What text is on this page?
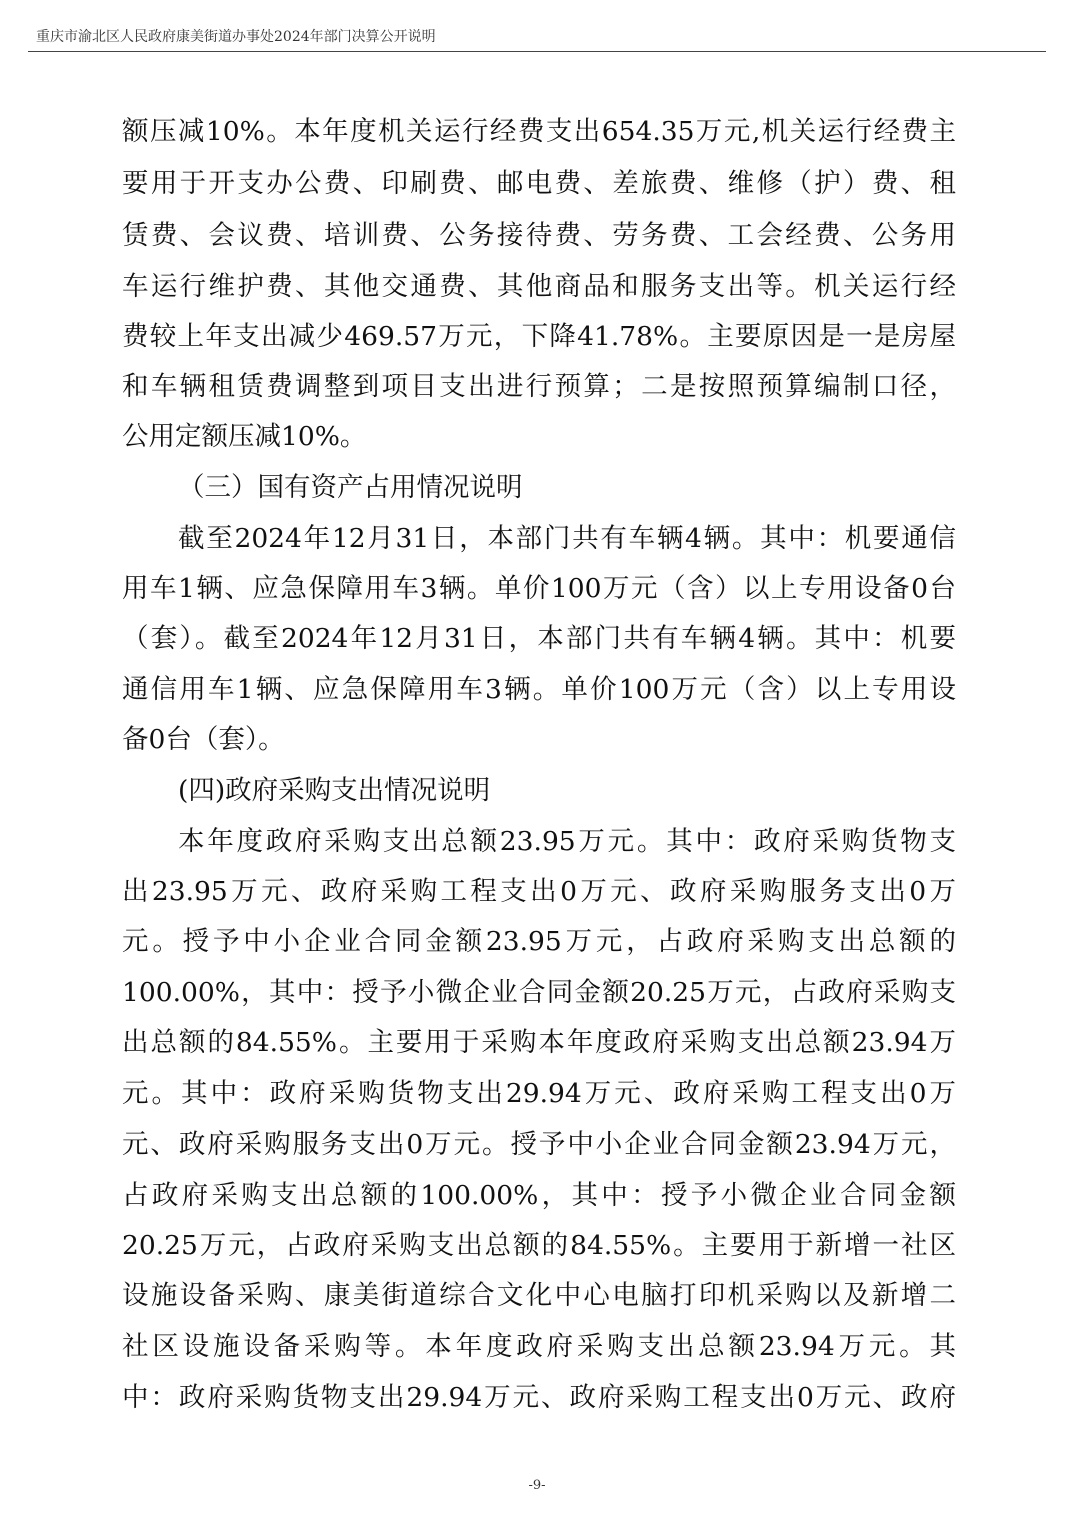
重庆市渝北区人民政府康美街道办事处2024年部门决算公开说明
额压减10%。本年度机关运行经费支出654.35万元,机关运行经费主
要用于开支办公费、印刷费、邮电费、差旅费、维修（护）费、租
赁费、会议费、培训费、公务接待费、劳务费、工会经费、公务用
车运行维护费、其他交通费、其他商品和服务支出等。机关运行经
费较上年支出减少469.57万元，下降41.78%。主要原因是一是房屋
和车辆租赁费调整到项目支出进行预算；二是按照预算编制口径，
公用定额压减10%。
（三）国有资产占用情况说明
截至2024年12月31日，本部门共有车辆4辆。其中：机要通信
用车1辆、应急保障用车3辆。单价100万元（含）以上专用设备0台
（套）。截至2024年12月31日，本部门共有车辆4辆。其中：机要
通信用车1辆、应急保障用车3辆。单价100万元（含）以上专用设
备0台（套）。
(四)政府采购支出情况说明
本年度政府采购支出总额23.95万元。其中：政府采购货物支
出23.95万元、政府采购工程支出0万元、政府采购服务支出0万
元。授予中小企业合同金额23.95万元，占政府采购支出总额的
100.00%，其中：授予小微企业合同金额20.25万元，占政府采购支
出总额的84.55%。主要用于采购本年度政府采购支出总额23.94万
元。其中：政府采购货物支出29.94万元、政府采购工程支出0万
元、政府采购服务支出0万元。授予中小企业合同金额23.94万元，
占政府采购支出总额的100.00%，其中：授予小微企业合同金额
20.25万元，占政府采购支出总额的84.55%。主要用于新增一社区
设施设备采购、康美街道综合文化中心电脑打印机采购以及新增二
社区设施设备采购等。本年度政府采购支出总额23.94万元。其
中：政府采购货物支出29.94万元、政府采购工程支出0万元、政府
-9-
